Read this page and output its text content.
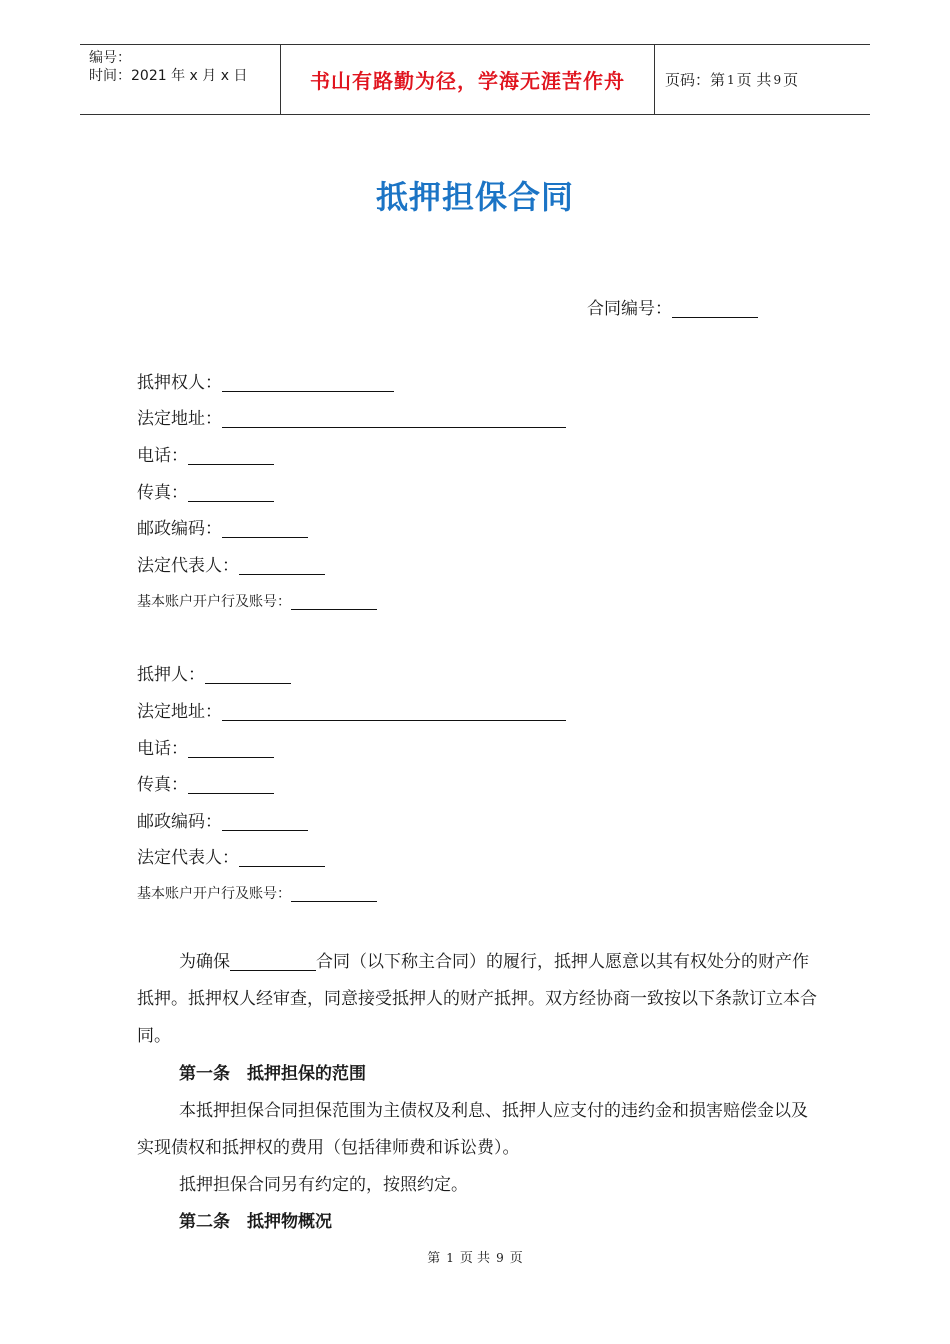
编号：
时间：2021 年 x 月 x 日	书山有路勤为径，学海无涯苦作舟	页码：第 1 页 共 9 页
抵押担保合同
合同编号：
抵押权人：
法定地址：
电话：
传真：
邮政编码：
法定代表人：
基本账户开户行及账号：
抵押人：
法定地址：
电话：
传真：
邮政编码：
法定代表人：
基本账户开户行及账号：
为确保	合同（以下称主合同）的履行，抵押人愿意以其有权处分的财产作抵押。抵押权人经审查，同意接受抵押人的财产抵押。双方经协商一致按以下条款订立本合同。
第一条　抵押担保的范围
本抵押担保合同担保范围为主债权及利息、抵押人应支付的违约金和损害赔偿金以及实现债权和抵押权的费用（包括律师费和诉讼费）。
抵押担保合同另有约定的，按照约定。
第二条　抵押物概况
第 1 页 共 9 页
